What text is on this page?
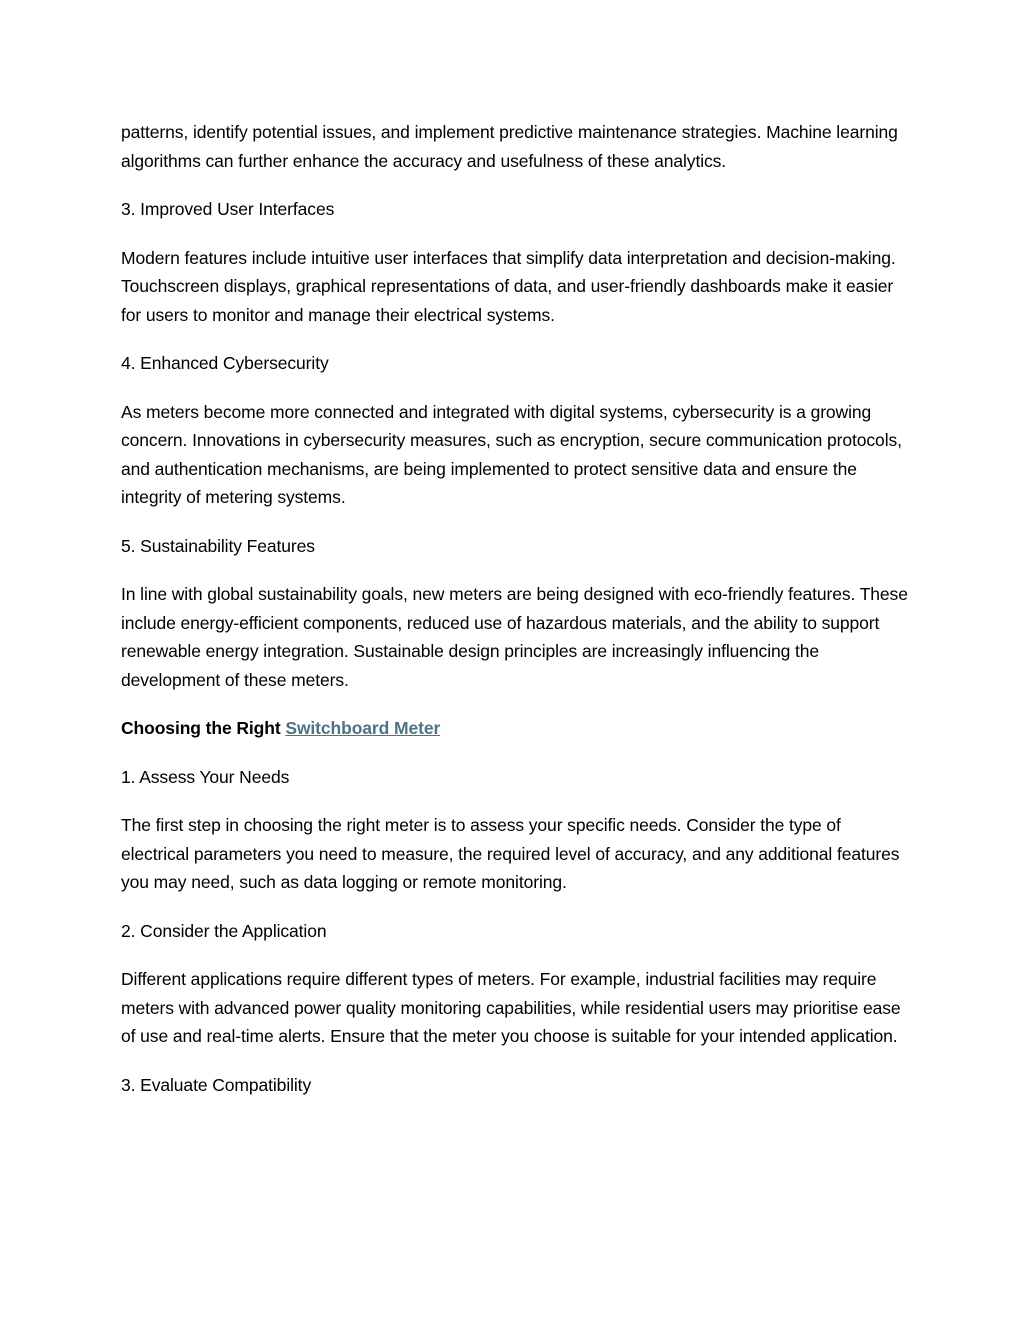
patterns, identify potential issues, and implement predictive maintenance strategies. Machine learning algorithms can further enhance the accuracy and usefulness of these analytics.

3. Improved User Interfaces

Modern features include intuitive user interfaces that simplify data interpretation and decision-making. Touchscreen displays, graphical representations of data, and user-friendly dashboards make it easier for users to monitor and manage their electrical systems.

4. Enhanced Cybersecurity

As meters become more connected and integrated with digital systems, cybersecurity is a growing concern. Innovations in cybersecurity measures, such as encryption, secure communication protocols, and authentication mechanisms, are being implemented to protect sensitive data and ensure the integrity of metering systems.

5. Sustainability Features

In line with global sustainability goals, new meters are being designed with eco-friendly features. These include energy-efficient components, reduced use of hazardous materials, and the ability to support renewable energy integration. Sustainable design principles are increasingly influencing the development of these meters.

Choosing the Right Switchboard Meter

1. Assess Your Needs

The first step in choosing the right meter is to assess your specific needs. Consider the type of electrical parameters you need to measure, the required level of accuracy, and any additional features you may need, such as data logging or remote monitoring.

2. Consider the Application

Different applications require different types of meters. For example, industrial facilities may require meters with advanced power quality monitoring capabilities, while residential users may prioritise ease of use and real-time alerts. Ensure that the meter you choose is suitable for your intended application.

3. Evaluate Compatibility
